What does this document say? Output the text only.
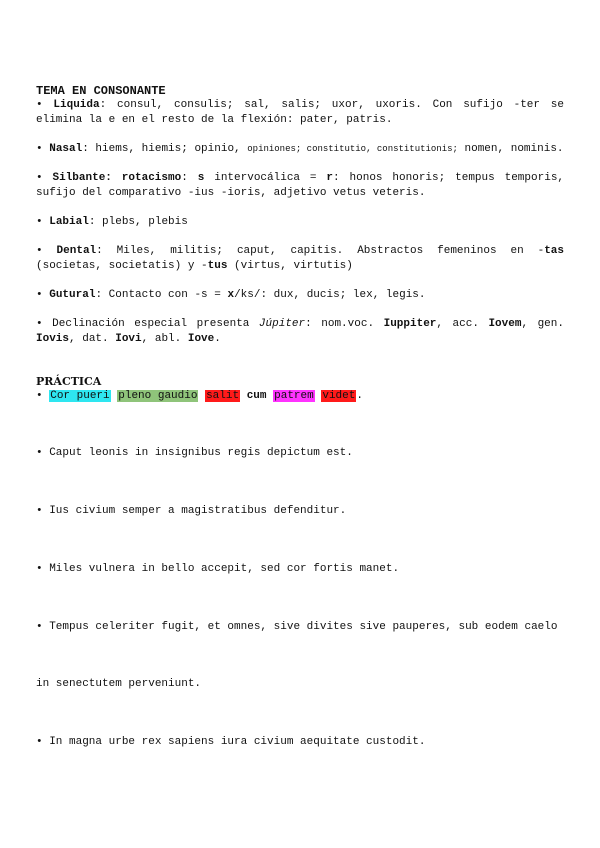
TEMA EN CONSONANTE

• Liquida: consul, consulis; sal, salis; uxor, uxoris. Con sufijo -ter se elimina la e en el resto de la flexión: pater, patris.

• Nasal: hiems, hiemis; opinio, opiniones; constitutio, constitutionis; nomen, nominis.

• Silbante: rotacismo: s intervocálica = r: honos honoris; tempus temporis, sufijo del comparativo -ius -ioris, adjetivo vetus veteris.

• Labial: plebs, plebis

• Dental: Miles, militis; caput, capitis. Abstractos femeninos en -tas (societas, societatis) y -tus (virtus, virtutis)

• Gutural: Contacto con -s = x/ks/: dux, ducis; lex, legis.

• Declinación especial presenta Júpiter: nom.voc. Iuppiter, acc. Iovem, gen. Iovis, dat. Iovi, abl. Iove.

PRÁCTICA

• Cor pueri pleno gaudio salit cum patrem videt.

• Caput leonis in insignibus regis depictum est.

• Ius civium semper a magistratibus defenditur.

• Miles vulnera in bello accepit, sed cor fortis manet.

• Tempus celeriter fugit, et omnes, sive divites sive pauperes, sub eodem caelo

in senectutem perveniunt.

• In magna urbe rex sapiens iura civium aequitate custodit.
